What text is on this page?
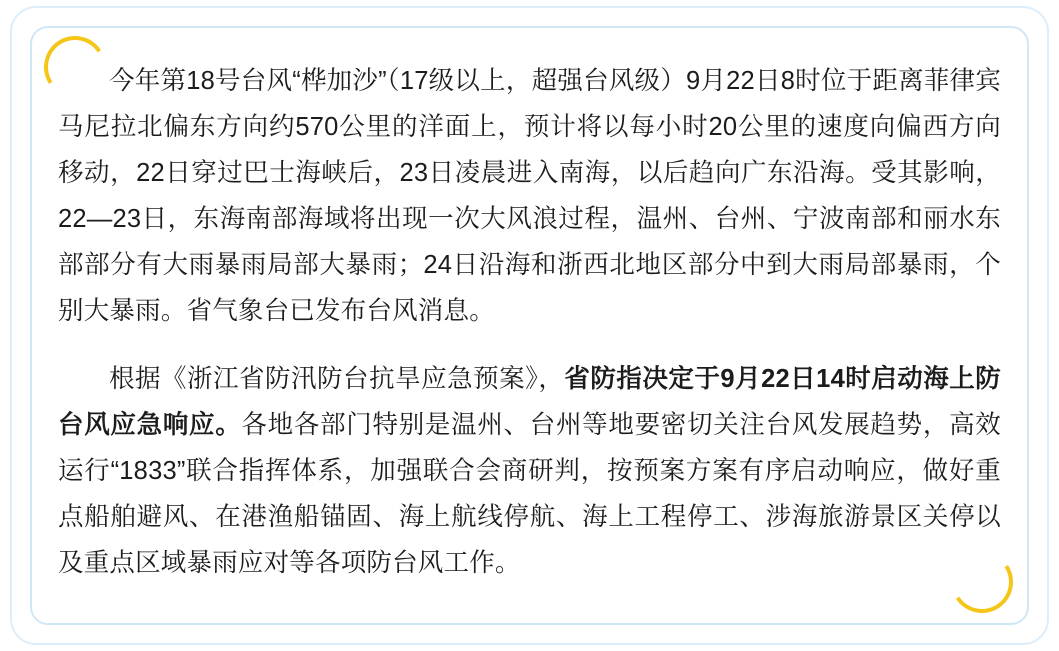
今年第18号台风“桦加沙”（17级以上，超强台风级）9月22日8时位于距离菲律宾马尼拉北偏东方向约570公里的洋面上，预计将以每小时20公里的速度向偏西方向移动，22日穿过巴士海峡后，23日凌晨进入南海，以后趋向广东沿海。受其影响，22—23日，东海南部海域将出现一次大风浪过程，温州、台州、宁波南部和丽水东部部分有大雨暴雨局部大暴雨；24日沿海和浙西北地区部分中到大雨局部暴雨，个别大暴雨。省气象台已发布台风消息。

根据《浙江省防汛防台抗旱应急预案》，省防指决定于9月22日14时启动海上防台风应急响应。各地各部门特别是温州、台州等地要密切关注台风发展趋势，高效运行“1833”联合指挥体系，加强联合会商研判，按预案方案有序启动响应，做好重点船舶避风、在港渔船锚固、海上航线停航、海上工程停工、涉海旅游景区关停以及重点区域暴雨应对等各项防台风工作。
